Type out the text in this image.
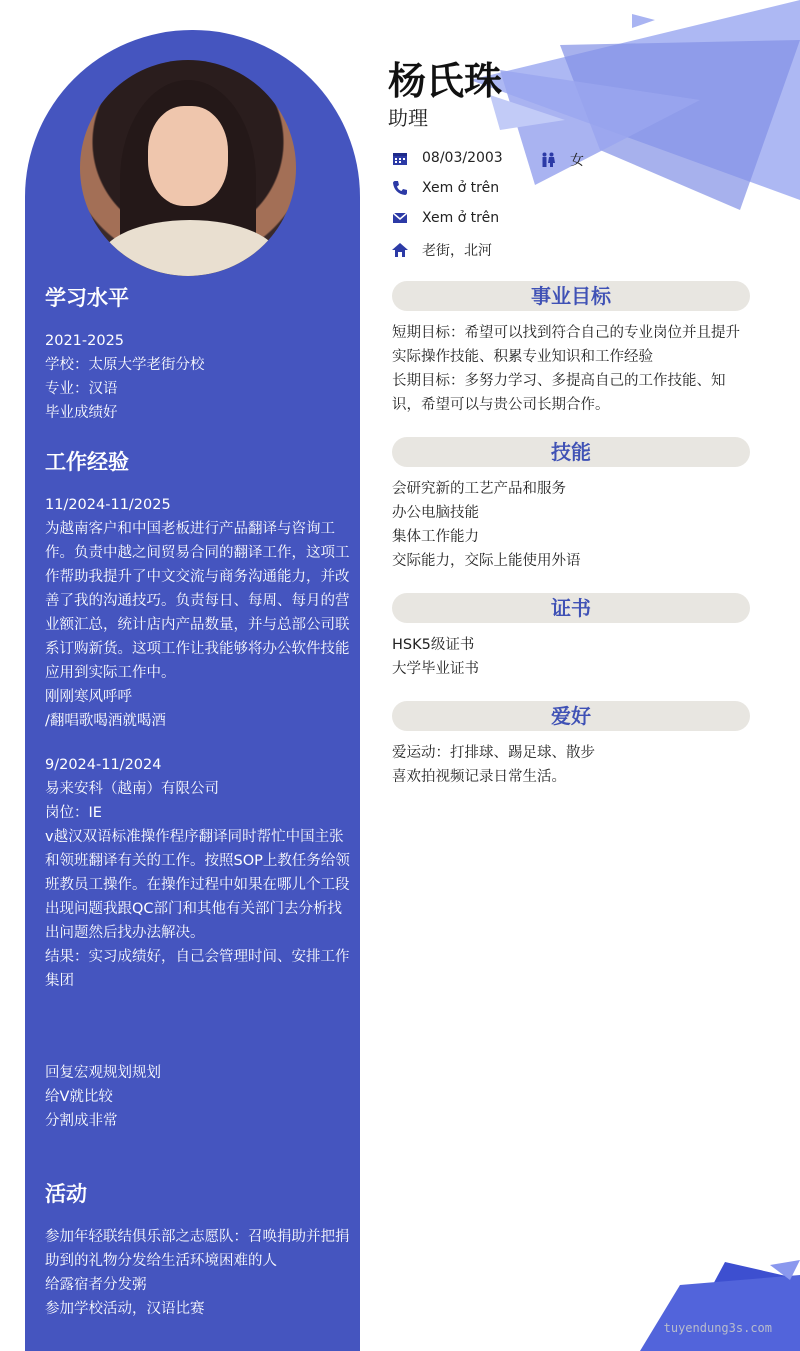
学习水平
2021-2025
学校：太原大学老街分校
专业：汉语
毕业成绩好
工作经验
11/2024-11/2025
为越南客户和中国老板进行产品翻译与咨询工作。负责中越之间贸易合同的翻译工作，这项工作帮助我提升了中文交流与商务沟通能力，并改善了我的沟通技巧。负责每日、每周、每月的营业额汇总，统计店内产品数量，并与总部公司联系订购新货。这项工作让我能够将办公软件技能应用到实际工作中。
刚刚寒风呼呼
/翻唱歌喝酒就喝酒
9/2024-11/2024
易来安科（越南）有限公司
岗位：IE
v越汉双语标准操作程序翻译同时帮忙中国主张和领班翻译有关的工作。按照SOP上教任务给领班教员工操作。在操作过程中如果在哪儿个工段出现问题我跟QC部门和其他有关部门去分析找出问题然后找办法解决。
结果：实习成绩好，自己会管理时间、安排工作集团
回复宏观规划规划
给V就比较
分割成非常
活动
参加年轻联结俱乐部之志愿队：召唤捐助并把捐助到的礼物分发给生活环境困难的人
给露宿者分发粥
参加学校活动，汉语比赛
杨氏珠
助理
08/03/2003	女
Xem ở trên
Xem ở trên
老街，北河
事业目标
短期目标：希望可以找到符合自己的专业岗位并且提升实际操作技能、积累专业知识和工作经验
长期目标：多努力学习、多提高自己的工作技能、知识，希望可以与贵公司长期合作。
技能
会研究新的工艺产品和服务
办公电脑技能
集体工作能力
交际能力，交际上能使用外语
证书
HSK5级证书
大学毕业证书
爱好
爱运动：打排球、踢足球、散步
喜欢拍视频记录日常生活。
tuyendung3s.com
